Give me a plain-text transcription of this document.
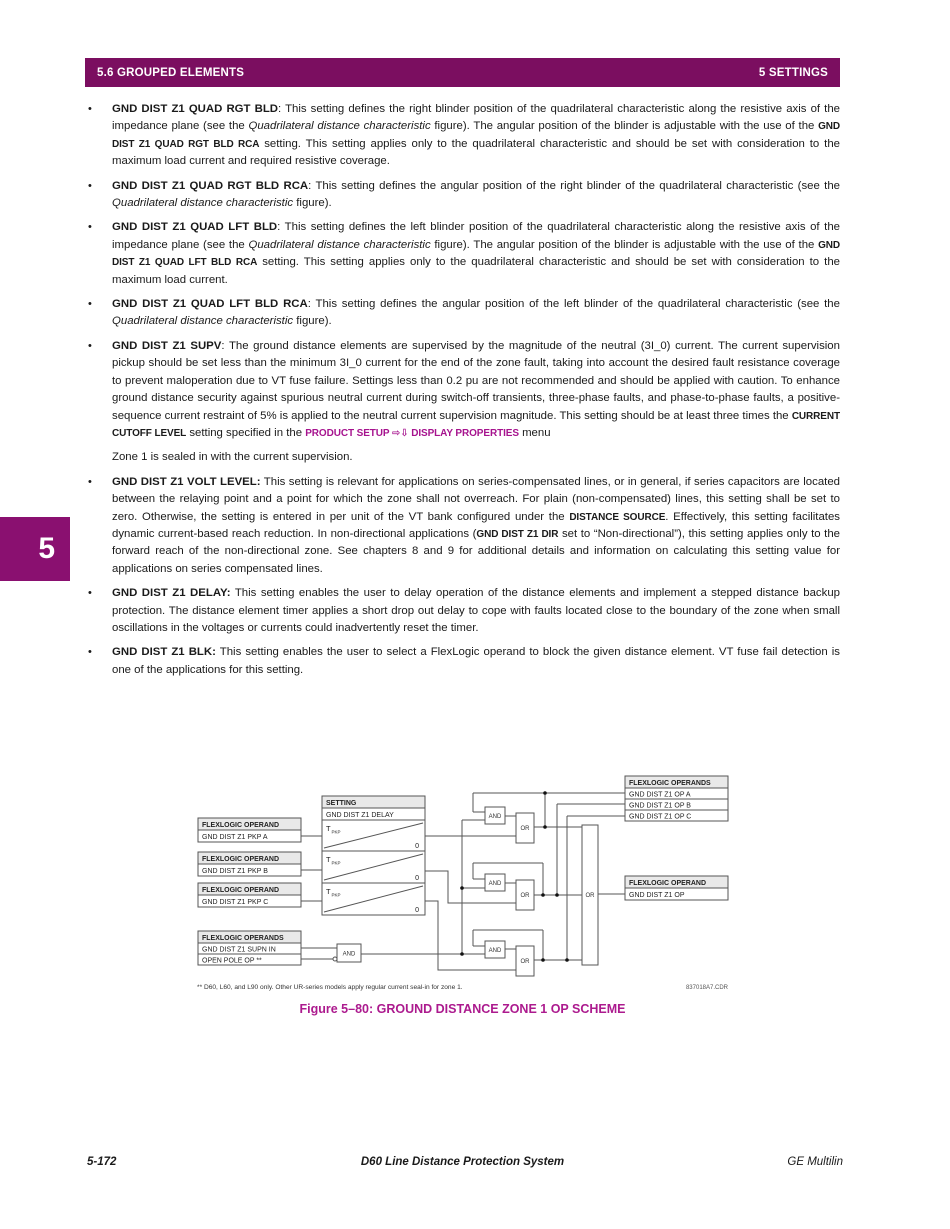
5.6 GROUPED ELEMENTS	5 SETTINGS
5
•	GND DIST Z1 QUAD RGT BLD: This setting defines the right blinder position of the quadrilateral characteristic along the resistive axis of the impedance plane (see the Quadrilateral distance characteristic figure). The angular position of the blinder is adjustable with the use of the GND DIST Z1 QUAD RGT BLD RCA setting. This setting applies only to the quadrilateral characteristic and should be set with consideration to the maximum load current and required resistive coverage.
•	GND DIST Z1 QUAD RGT BLD RCA: This setting defines the angular position of the right blinder of the quadrilateral characteristic (see the Quadrilateral distance characteristic figure).
•	GND DIST Z1 QUAD LFT BLD: This setting defines the left blinder position of the quadrilateral characteristic along the resistive axis of the impedance plane (see the Quadrilateral distance characteristic figure). The angular position of the blinder is adjustable with the use of the GND DIST Z1 QUAD LFT BLD RCA setting. This setting applies only to the quadrilateral characteristic and should be set with consideration to the maximum load current.
•	GND DIST Z1 QUAD LFT BLD RCA: This setting defines the angular position of the left blinder of the quadrilateral characteristic (see the Quadrilateral distance characteristic figure).
•	GND DIST Z1 SUPV: The ground distance elements are supervised by the magnitude of the neutral (3I_0) current. The current supervision pickup should be set less than the minimum 3I_0 current for the end of the zone fault, taking into account the desired fault resistance coverage to prevent maloperation due to VT fuse failure. Settings less than 0.2 pu are not recommended and should be applied with caution. To enhance ground distance security against spurious neutral current during switch-off transients, three-phase faults, and phase-to-phase faults, a positive-sequence current restraint of 5% is applied to the neutral current supervision magnitude. This setting should be at least three times the CURRENT CUTOFF LEVEL setting specified in the PRODUCT SETUP ⇨⇩ DISPLAY PROPERTIES menu
Zone 1 is sealed in with the current supervision.
•	GND DIST Z1 VOLT LEVEL: This setting is relevant for applications on series-compensated lines, or in general, if series capacitors are located between the relaying point and a point for which the zone shall not overreach. For plain (non-compensated) lines, this setting shall be set to zero. Otherwise, the setting is entered in per unit of the VT bank configured under the DISTANCE SOURCE. Effectively, this setting facilitates dynamic current-based reach reduction. In non-directional applications (GND DIST Z1 DIR set to “Non-directional”), this setting applies only to the forward reach of the non-directional zone. See chapters 8 and 9 for additional details and information on calculating this setting value for applications on series compensated lines.
•	GND DIST Z1 DELAY: This setting enables the user to delay operation of the distance elements and implement a stepped distance backup protection. The distance element timer applies a short drop out delay to cope with faults located close to the boundary of the zone when small oscillations in the voltages or currents could inadvertently reset the timer.
•	GND DIST Z1 BLK: This setting enables the user to select a FlexLogic operand to block the given distance element. VT fuse fail detection is one of the applications for this setting.
FLEXLOGIC OPERAND
GND DIST Z1 PKP A
FLEXLOGIC OPERAND
GND DIST Z1 PKP B
FLEXLOGIC OPERAND
GND DIST Z1 PKP C
FLEXLOGIC OPERANDS
GND DIST Z1 SUPN IN
OPEN POLE OP **
SETTING
GND DIST Z1 DELAY
T PKP
0
T PKP
0
T PKP
0
AND
AND
OR
AND
OR
AND
OR
OR
FLEXLOGIC OPERANDS
GND DIST Z1 OP A
GND DIST Z1 OP B
GND DIST Z1 OP C
FLEXLOGIC OPERAND
GND DIST Z1 OP
** D60, L60, and L90 only. Other UR-series models apply regular current seal-in for zone 1.	837018A7.CDR
Figure 5–80: GROUND DISTANCE ZONE 1 OP SCHEME
5-172	D60 Line Distance Protection System	GE Multilin
